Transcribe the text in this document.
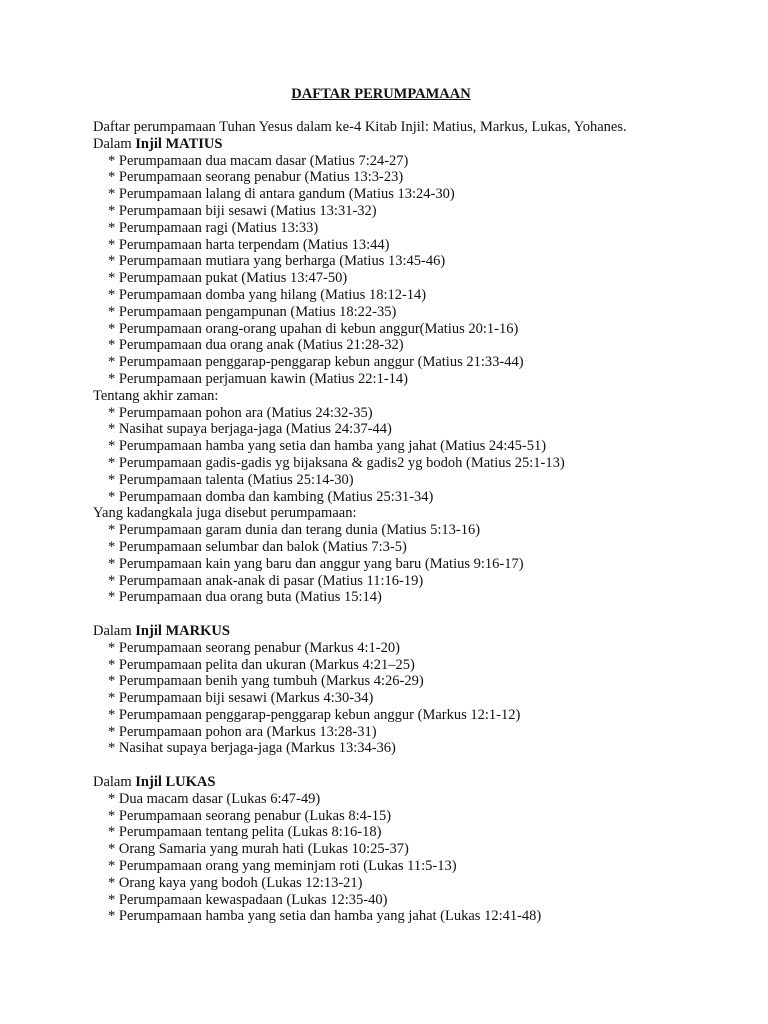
DAFTAR PERUMPAMAAN
Daftar perumpamaan Tuhan Yesus dalam ke-4 Kitab Injil: Matius, Markus, Lukas, Yohanes.
Dalam Injil MATIUS
* Perumpamaan dua macam dasar (Matius 7:24-27)
* Perumpamaan seorang penabur (Matius 13:3-23)
* Perumpamaan lalang di antara gandum (Matius 13:24-30)
* Perumpamaan biji sesawi (Matius 13:31-32)
* Perumpamaan ragi (Matius 13:33)
* Perumpamaan harta terpendam (Matius 13:44)
* Perumpamaan mutiara yang berharga (Matius 13:45-46)
* Perumpamaan pukat (Matius 13:47-50)
* Perumpamaan domba yang hilang (Matius 18:12-14)
* Perumpamaan pengampunan (Matius 18:22-35)
* Perumpamaan orang-orang upahan di kebun anggur(Matius 20:1-16)
* Perumpamaan dua orang anak (Matius 21:28-32)
* Perumpamaan penggarap-penggarap kebun anggur (Matius 21:33-44)
* Perumpamaan perjamuan kawin (Matius 22:1-14)
Tentang akhir zaman:
* Perumpamaan pohon ara (Matius 24:32-35)
* Nasihat supaya berjaga-jaga (Matius 24:37-44)
* Perumpamaan hamba yang setia dan hamba yang jahat (Matius 24:45-51)
* Perumpamaan gadis-gadis yg bijaksana & gadis2 yg bodoh (Matius 25:1-13)
* Perumpamaan talenta (Matius 25:14-30)
* Perumpamaan domba dan kambing (Matius 25:31-34)
Yang kadangkala juga disebut perumpamaan:
* Perumpamaan garam dunia dan terang dunia (Matius 5:13-16)
* Perumpamaan selumbar dan balok (Matius 7:3-5)
* Perumpamaan kain yang baru dan anggur yang baru (Matius 9:16-17)
* Perumpamaan anak-anak di pasar (Matius 11:16-19)
* Perumpamaan dua orang buta (Matius 15:14)
Dalam Injil MARKUS
* Perumpamaan seorang penabur (Markus 4:1-20)
* Perumpamaan pelita dan ukuran (Markus 4:21–25)
* Perumpamaan benih yang tumbuh (Markus 4:26-29)
* Perumpamaan biji sesawi (Markus 4:30-34)
* Perumpamaan penggarap-penggarap kebun anggur (Markus 12:1-12)
* Perumpamaan pohon ara (Markus 13:28-31)
* Nasihat supaya berjaga-jaga (Markus 13:34-36)
Dalam Injil LUKAS
* Dua macam dasar (Lukas 6:47-49)
* Perumpamaan seorang penabur (Lukas 8:4-15)
* Perumpamaan tentang pelita (Lukas 8:16-18)
* Orang Samaria yang murah hati (Lukas 10:25-37)
* Perumpamaan orang yang meminjam roti (Lukas 11:5-13)
* Orang kaya yang bodoh (Lukas 12:13-21)
* Perumpamaan kewaspadaan (Lukas 12:35-40)
* Perumpamaan hamba yang setia dan hamba yang jahat (Lukas 12:41-48)
